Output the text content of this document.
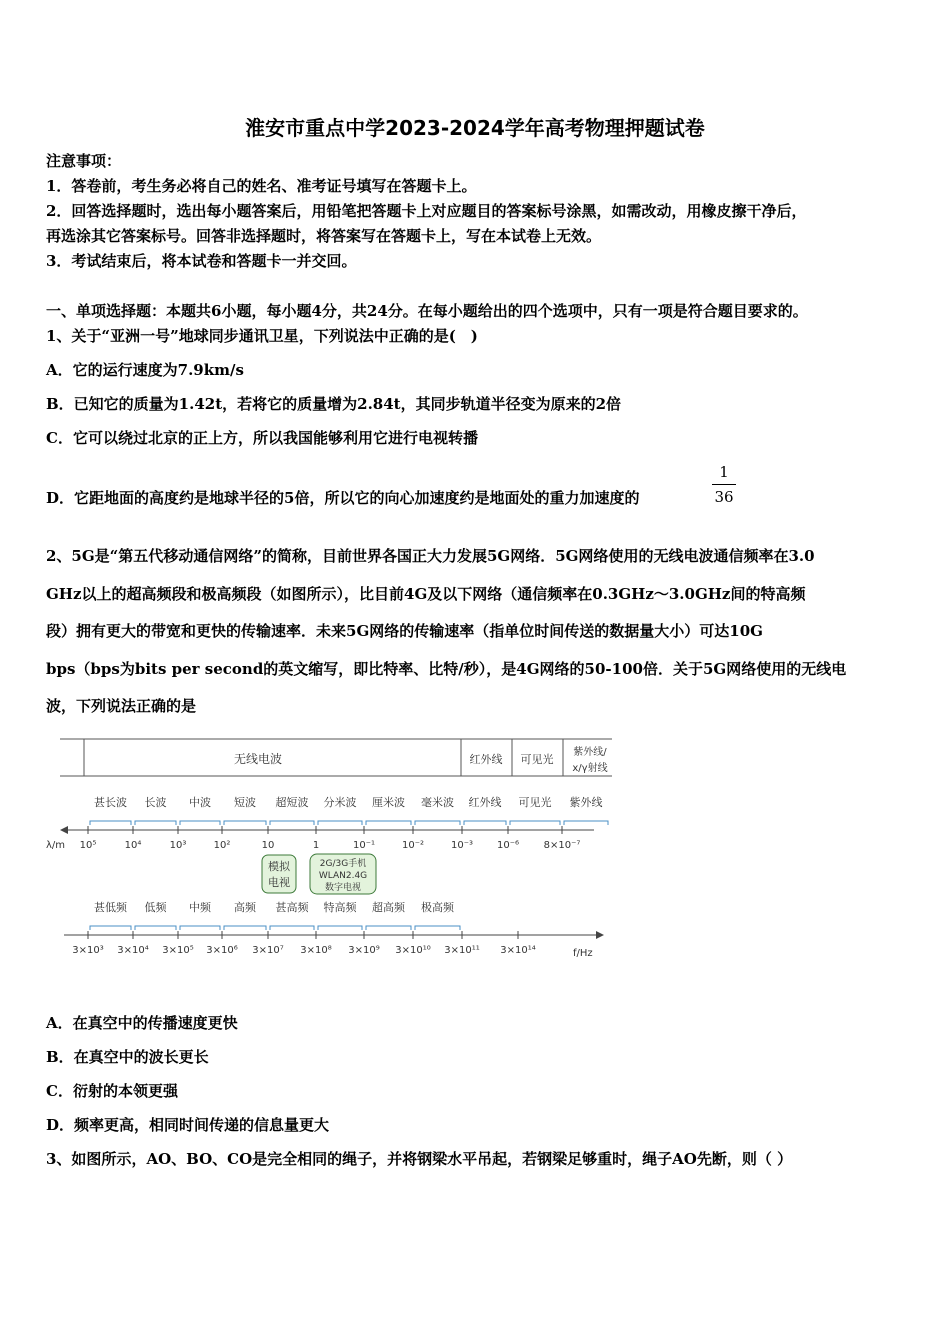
淮安市重点中学2023-2024学年高考物理押题试卷
注意事项：
1．答卷前，考生务必将自己的姓名、准考证号填写在答题卡上。
2．回答选择题时，选出每小题答案后，用铅笔把答题卡上对应题目的答案标号涂黑，如需改动，用橡皮擦干净后，
再选涂其它答案标号。回答非选择题时，将答案写在答题卡上，写在本试卷上无效。
3．考试结束后，将本试卷和答题卡一并交回。
一、单项选择题：本题共6小题，每小题4分，共24分。在每小题给出的四个选项中，只有一项是符合题目要求的。
1、关于“亚洲一号”地球同步通讯卫星，下列说法中正确的是(　)
A．它的运行速度为7.9km/s
B．已知它的质量为1.42t，若将它的质量增为2.84t，其同步轨道半径变为原来的2倍
C．它可以绕过北京的正上方，所以我国能够利用它进行电视转播
D．它距地面的高度约是地球半径的5倍，所以它的向心加速度约是地面处的重力加速度的
1
36
2、5G是“第五代移动通信网络”的简称，目前世界各国正大力发展5G网络．5G网络使用的无线电波通信频率在3.0
GHz以上的超高频段和极高频段（如图所示），比目前4G及以下网络（通信频率在0.3GHz～3.0GHz间的特高频
段）拥有更大的带宽和更快的传输速率．未来5G网络的传输速率（指单位时间传送的数据量大小）可达10G
bps（bps为bits per second的英文缩写，即比特率、比特/秒），是4G网络的50-100倍．关于5G网络使用的无线电
波，下列说法正确的是
无线电波	红外线 可见光
紫外线/
x/γ射线
甚长波 长波 中波 短波 超短波 分米波 厘米波 毫米波 红外线 可见光 紫外线
λ/m 10⁵	10⁴	10³	10²	10	1	10⁻¹	10⁻²	10⁻³ 10⁻⁶ 8×10⁻⁷
模拟
电视
2G/3G手机
WLAN2.4G
数字电视
甚低频 低频 中频 高频 甚高频 特高频 超高频 极高频
f/Hz
3×10³ 3×10⁴ 3×10⁵ 3×10⁶ 3×10⁷ 3×10⁸ 3×10⁹ 3×10¹⁰ 3×10¹¹ 3×10¹⁴
A．在真空中的传播速度更快
B．在真空中的波长更长
C．衍射的本领更强
D．频率更高，相同时间传递的信息量更大
3、如图所示，AO、BO、CO是完全相同的绳子，并将钢梁水平吊起，若钢梁足够重时，绳子AO先断，则（ ）
